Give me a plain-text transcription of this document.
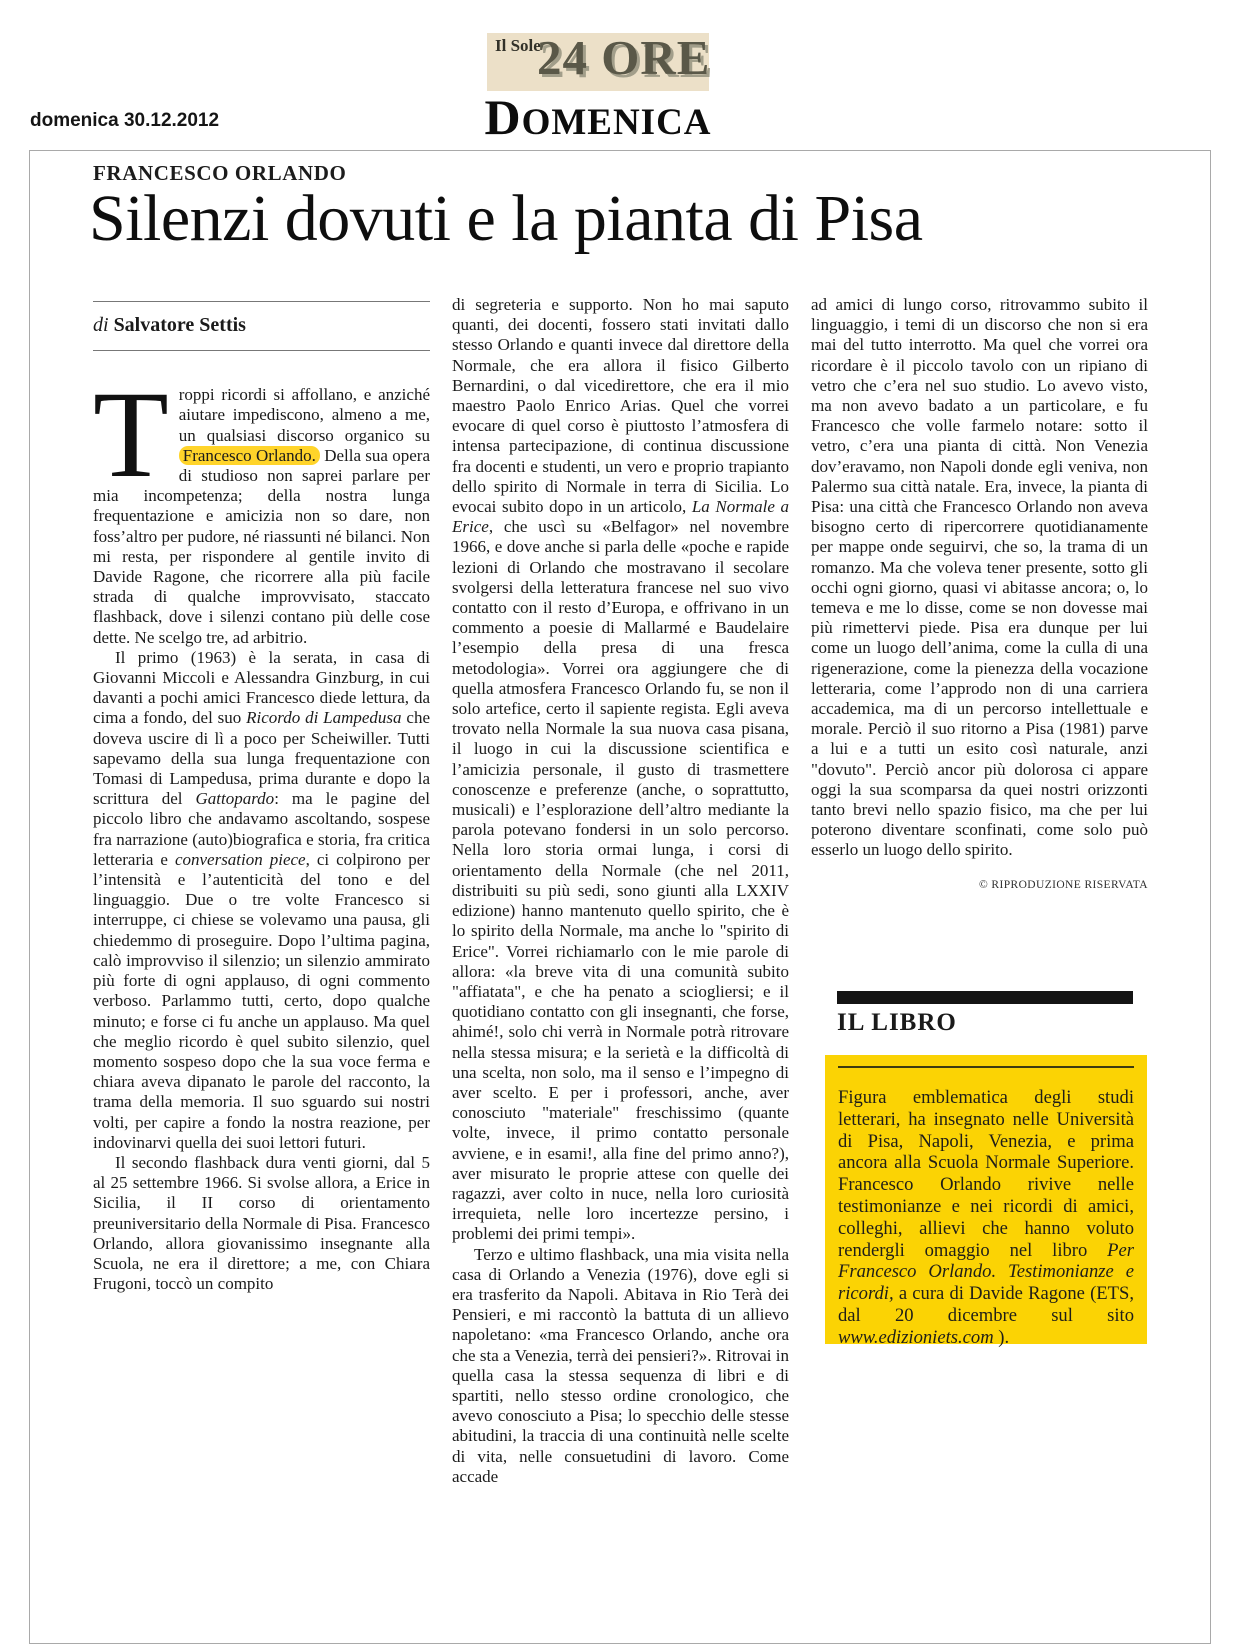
Il Sole
24 ORE
DOMENICA
domenica 30.12.2012
FRANCESCO ORLANDO
Silenzi dovuti e la pianta di Pisa
di Salvatore Settis

Troppi ricordi si affollano, e anziché aiutare impediscono, almeno a me, un qualsiasi discorso organico su Francesco Orlando. Della sua opera di studioso non saprei parlare per mia incompetenza; della nostra lunga frequentazione e amicizia non so dare, non foss’altro per pudore, né riassunti né bilanci. Non mi resta, per rispondere al gentile invito di Davide Ragone, che ricorrere alla più facile strada di qualche improvvisato, staccato flashback, dove i silenzi contano più delle cose dette. Ne scelgo tre, ad arbitrio.

Il primo (1963) è la serata, in casa di Giovanni Miccoli e Alessandra Ginzburg, in cui davanti a pochi amici Francesco diede lettura, da cima a fondo, del suo Ricordo di Lampedusa che doveva uscire di lì a poco per Scheiwiller. Tutti sapevamo della sua lunga frequentazione con Tomasi di Lampedusa, prima durante e dopo la scrittura del Gattopardo: ma le pagine del piccolo libro che andavamo ascoltando, sospese fra narrazione (auto)biografica e storia, fra critica letteraria e conversation piece, ci colpirono per l’intensità e l’autenticità del tono e del linguaggio. Due o tre volte Francesco si interruppe, ci chiese se volevamo una pausa, gli chiedemmo di proseguire. Dopo l’ultima pagina, calò improvviso il silenzio; un silenzio ammirato più forte di ogni applauso, di ogni commento verboso. Parlammo tutti, certo, dopo qualche minuto; e forse ci fu anche un applauso. Ma quel che meglio ricordo è quel subito silenzio, quel momento sospeso dopo che la sua voce ferma e chiara aveva dipanato le parole del racconto, la trama della memoria. Il suo sguardo sui nostri volti, per capire a fondo la nostra reazione, per indovinarvi quella dei suoi lettori futuri.

Il secondo flashback dura venti giorni, dal 5 al 25 settembre 1966. Si svolse allora, a Erice in Sicilia, il II corso di orientamento preuniversitario della Normale di Pisa. Francesco Orlando, allora giovanissimo insegnante alla Scuola, ne era il direttore; a me, con Chiara Frugoni, toccò un compito

di segreteria e supporto. Non ho mai saputo quanti, dei docenti, fossero stati invitati dallo stesso Orlando e quanti invece dal direttore della Normale, che era allora il fisico Gilberto Bernardini, o dal vicedirettore, che era il mio maestro Paolo Enrico Arias. Quel che vorrei evocare di quel corso è piuttosto l’atmosfera di intensa partecipazione, di continua discussione fra docenti e studenti, un vero e proprio trapianto dello spirito di Normale in terra di Sicilia. Lo evocai subito dopo in un articolo, La Normale a Erice, che uscì su «Belfagor» nel novembre 1966, e dove anche si parla delle «poche e rapide lezioni di Orlando che mostravano il secolare svolgersi della letteratura francese nel suo vivo contatto con il resto d’Europa, e offrivano in un commento a poesie di Mallarmé e Baudelaire l’esempio della presa di una fresca metodologia». Vorrei ora aggiungere che di quella atmosfera Francesco Orlando fu, se non il solo artefice, certo il sapiente regista. Egli aveva trovato nella Normale la sua nuova casa pisana, il luogo in cui la discussione scientifica e l’amicizia personale, il gusto di trasmettere conoscenze e preferenze (anche, o soprattutto, musicali) e l’esplorazione dell’altro mediante la parola potevano fondersi in un solo percorso. Nella loro storia ormai lunga, i corsi di orientamento della Normale (che nel 2011, distribuiti su più sedi, sono giunti alla LXXIV edizione) hanno mantenuto quello spirito, che è lo spirito della Normale, ma anche lo "spirito di Erice". Vorrei richiamarlo con le mie parole di allora: «la breve vita di una comunità subito "affiatata", e che ha penato a sciogliersi; e il quotidiano contatto con gli insegnanti, che forse, ahimé!, solo chi verrà in Normale potrà ritrovare nella stessa misura; e la serietà e la difficoltà di una scelta, non solo, ma il senso e l’impegno di aver scelto. E per i professori, anche, aver conosciuto "materiale" freschissimo (quante volte, invece, il primo contatto personale avviene, e in esami!, alla fine del primo anno?), aver misurato le proprie attese con quelle dei ragazzi, aver colto in nuce, nella loro curiosità irrequieta, nelle loro incertezze persino, i problemi dei primi tempi».

Terzo e ultimo flashback, una mia visita nella casa di Orlando a Venezia (1976), dove egli si era trasferito da Napoli. Abitava in Rio Terà dei Pensieri, e mi raccontò la battuta di un allievo napoletano: «ma Francesco Orlando, anche ora che sta a Venezia, terrà dei pensieri?». Ritrovai in quella casa la stessa sequenza di libri e di spartiti, nello stesso ordine cronologico, che avevo conosciuto a Pisa; lo specchio delle stesse abitudini, la traccia di una continuità nelle scelte di vita, nelle consuetudini di lavoro. Come accade

ad amici di lungo corso, ritrovammo subito il linguaggio, i temi di un discorso che non si era mai del tutto interrotto. Ma quel che vorrei ora ricordare è il piccolo tavolo con un ripiano di vetro che c’era nel suo studio. Lo avevo visto, ma non avevo badato a un particolare, e fu Francesco che volle farmelo notare: sotto il vetro, c’era una pianta di città. Non Venezia dov’eravamo, non Napoli donde egli veniva, non Palermo sua città natale. Era, invece, la pianta di Pisa: una città che Francesco Orlando non aveva bisogno certo di ripercorrere quotidianamente per mappe onde seguirvi, che so, la trama di un romanzo. Ma che voleva tener presente, sotto gli occhi ogni giorno, quasi vi abitasse ancora; o, lo temeva e me lo disse, come se non dovesse mai più rimettervi piede. Pisa era dunque per lui come un luogo dell’anima, come la culla di una rigenerazione, come la pienezza della vocazione letteraria, come l’approdo non di una carriera accademica, ma di un percorso intellettuale e morale. Perciò il suo ritorno a Pisa (1981) parve a lui e a tutti un esito così naturale, anzi "dovuto". Perciò ancor più dolorosa ci appare oggi la sua scomparsa da quei nostri orizzonti tanto brevi nello spazio fisico, ma che per lui poterono diventare sconfinati, come solo può esserlo un luogo dello spirito.

© RIPRODUZIONE RISERVATA
IL LIBRO

Figura emblematica degli studi letterari, ha insegnato nelle Università di Pisa, Napoli, Venezia, e prima ancora alla Scuola Normale Superiore. Francesco Orlando rivive nelle testimonianze e nei ricordi di amici, colleghi, allievi che hanno voluto rendergli omaggio nel libro Per Francesco Orlando. Testimonianze e ricordi, a cura di Davide Ragone (ETS, dal 20 dicembre sul sito www.edizioniets.com ).
